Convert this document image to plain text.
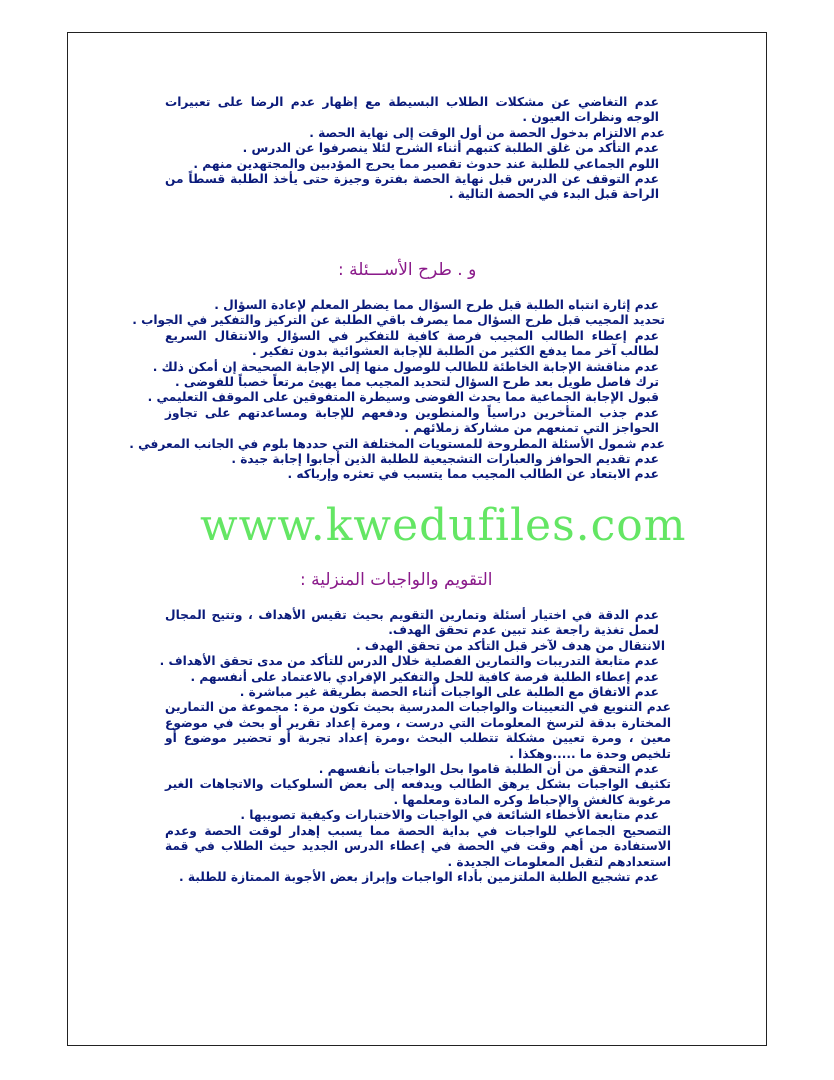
عدم التغاضي عن مشكلات الطلاب البسيطة مع إظهار عدم الرضا على تعبيرات الوجه ونظرات العيون .

عدم الالتزام بدخول الحصة من أول الوقت إلى نهاية الحصة .

عدم التأكد من غلق الطلبة كتبهم أثناء الشرح لئلا ينصرفوا عن الدرس .

اللوم الجماعي للطلبة عند حدوث تقصير مما يحرج المؤدبين والمجتهدين منهم .

عدم التوقف عن الدرس قبل نهاية الحصة بفترة وجيزة حتى يأخذ الطلبة قسطاً من الراحة قبل البدء في الحصة التالية .

و . طرح الأســـئلة :

عدم إثارة انتباه الطلبة قبل طرح السؤال مما يضطر المعلم لإعادة السؤال .

تحديد المجيب قبل طرح السؤال مما يصرف باقي الطلبة عن التركيز والتفكير في الجواب .

عدم إعطاء الطالب المجيب فرصة كافية للتفكير في السؤال والانتقال السريع لطالب آخر مما يدفع الكثير من الطلبة للإجابة العشوائية بدون تفكير .

عدم مناقشة الإجابة الخاطئة للطالب للوصول منها إلى الإجابة الصحيحة إن أمكن ذلك .

ترك فاصل طويل بعد طرح السؤال لتحديد المجيب مما يهيئ مرتعاً خصباً للفوضى .

قبول الإجابة الجماعية مما يحدث الفوضى وسيطرة المتفوقين على الموقف التعليمي .

عدم جذب المتأخرين دراسياً والمنطوين ودفعهم للإجابة ومساعدتهم على تجاوز الحواجز التي تمنعهم من مشاركة زملائهم .

عدم شمول الأسئلة المطروحة للمستويات المختلفة التي حددها بلوم في الجانب المعرفي .

عدم تقديم الحوافز والعبارات التشجيعية للطلبة الذين أجابوا إجابة جيدة .

عدم الابتعاد عن الطالب المجيب مما يتسبب في تعثره وإرباكه .

www.kwedufiles.com
التقويم والواجبات المنزلية :

عدم الدقة في اختيار أسئلة وتمارين التقويم بحيث تقيس الأهداف ، وتتيح المجال لعمل تغذية راجعة عند تبين عدم تحقق الهدف.

الانتقال من هدف لآخر قبل التأكد من تحقق الهدف .

عدم متابعة التدريبات والتمارين الفصلية خلال الدرس للتأكد من مدى تحقق الأهداف .

عدم إعطاء الطلبة فرصة كافية للحل والتفكير الإفرادي بالاعتماد على أنفسهم .

عدم الاتفاق مع الطلبة على الواجبات أثناء الحصة بطريقة غير مباشرة .

عدم التنويع في التعيينات والواجبات المدرسية بحيث تكون مرة : مجموعة من التمارين المختارة بدقة لترسخ المعلومات التي درست ، ومرة إعداد تقرير أو بحث في موضوع معين ، ومرة تعيين مشكلة تتطلب البحث ،ومرة إعداد تجربة أو تحضير موضوع أو تلخيص وحدة ما .....وهكذا .

عدم التحقق من أن الطلبة قاموا بحل الواجبات بأنفسهم .

تكثيف الواجبات بشكل يرهق الطالب ويدفعه إلى بعض السلوكيات والاتجاهات الغير مرغوبة كالغش والإحباط وكره المادة ومعلمها .

عدم متابعة الأخطاء الشائعة في الواجبات والاختبارات وكيفية تصويبها .

التصحيح الجماعي للواجبات في بداية الحصة مما يسبب إهدار لوقت الحصة وعدم الاستفادة من أهم وقت في الحصة في إعطاء الدرس الجديد حيث الطلاب في قمة استعدادهم لتقبل المعلومات الجديدة .

عدم تشجيع الطلبة الملتزمين بأداء الواجبات وإبراز بعض الأجوبة الممتازة للطلبة .
